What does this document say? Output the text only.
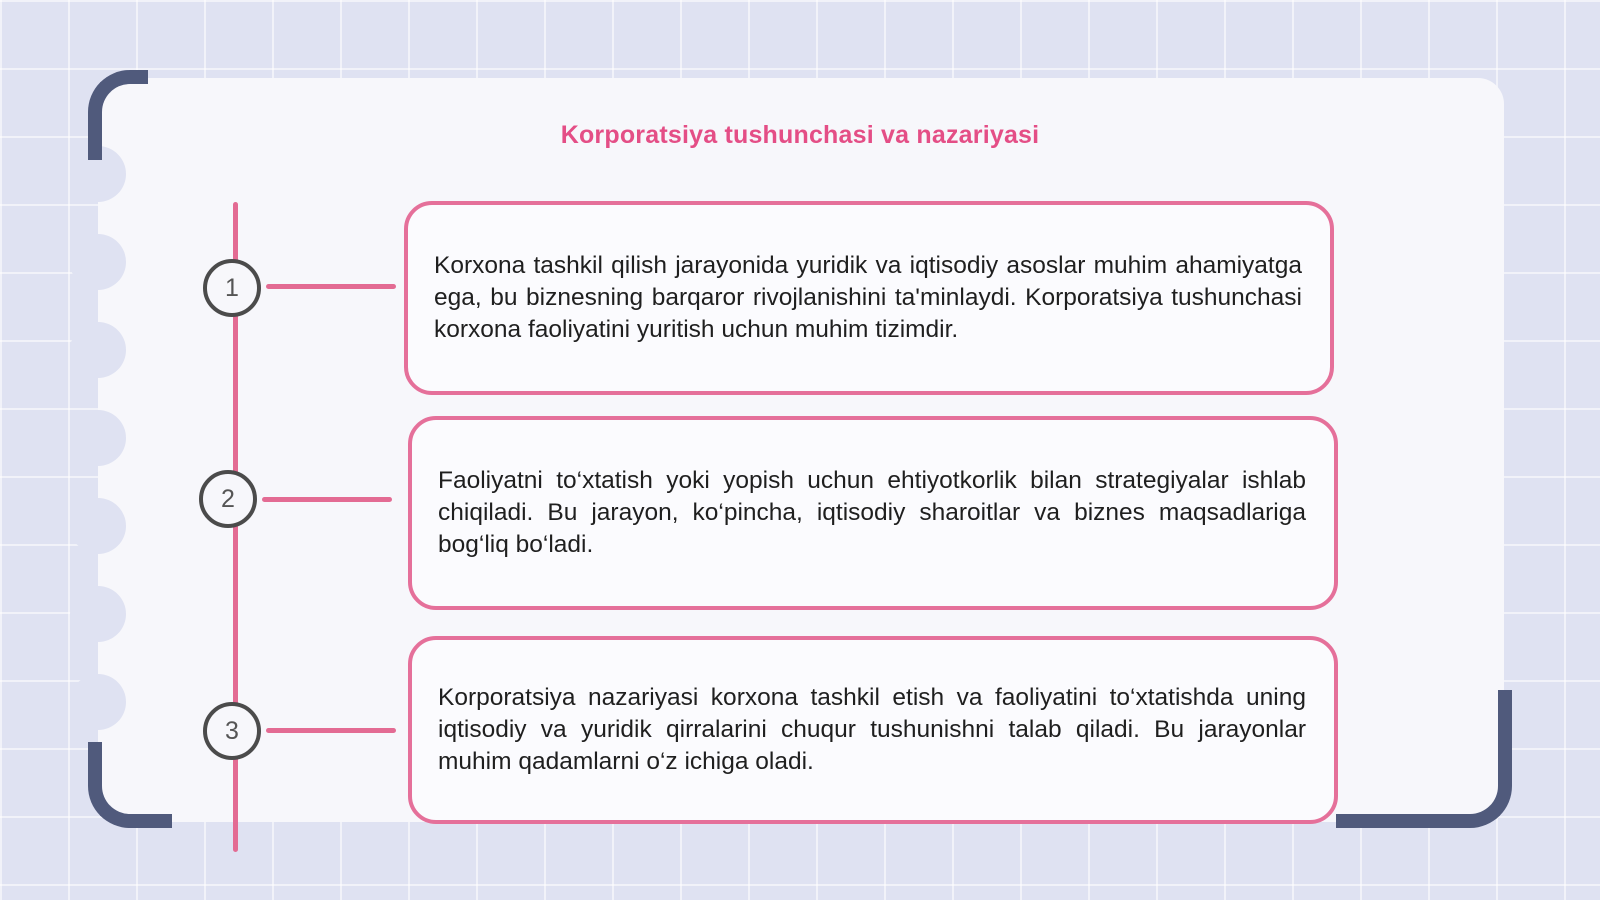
Korporatsiya tushunchasi va nazariyasi
1
2
3
Korxona tashkil qilish jarayonida yuridik va iqtisodiy asoslar muhim ahamiyatga ega, bu biznesning barqaror rivojlanishini ta'minlaydi. Korporatsiya tushunchasi korxona faoliyatini yuritish uchun muhim tizimdir.
Faoliyatni to‘xtatish yoki yopish uchun ehtiyotkorlik bilan strategiyalar ishlab chiqiladi. Bu jarayon, ko‘pincha, iqtisodiy sharoitlar va biznes maqsadlariga bog‘liq bo‘ladi.
Korporatsiya nazariyasi korxona tashkil etish va faoliyatini to‘xtatishda uning iqtisodiy va yuridik qirralarini chuqur tushunishni talab qiladi. Bu jarayonlar muhim qadamlarni o‘z ichiga oladi.
